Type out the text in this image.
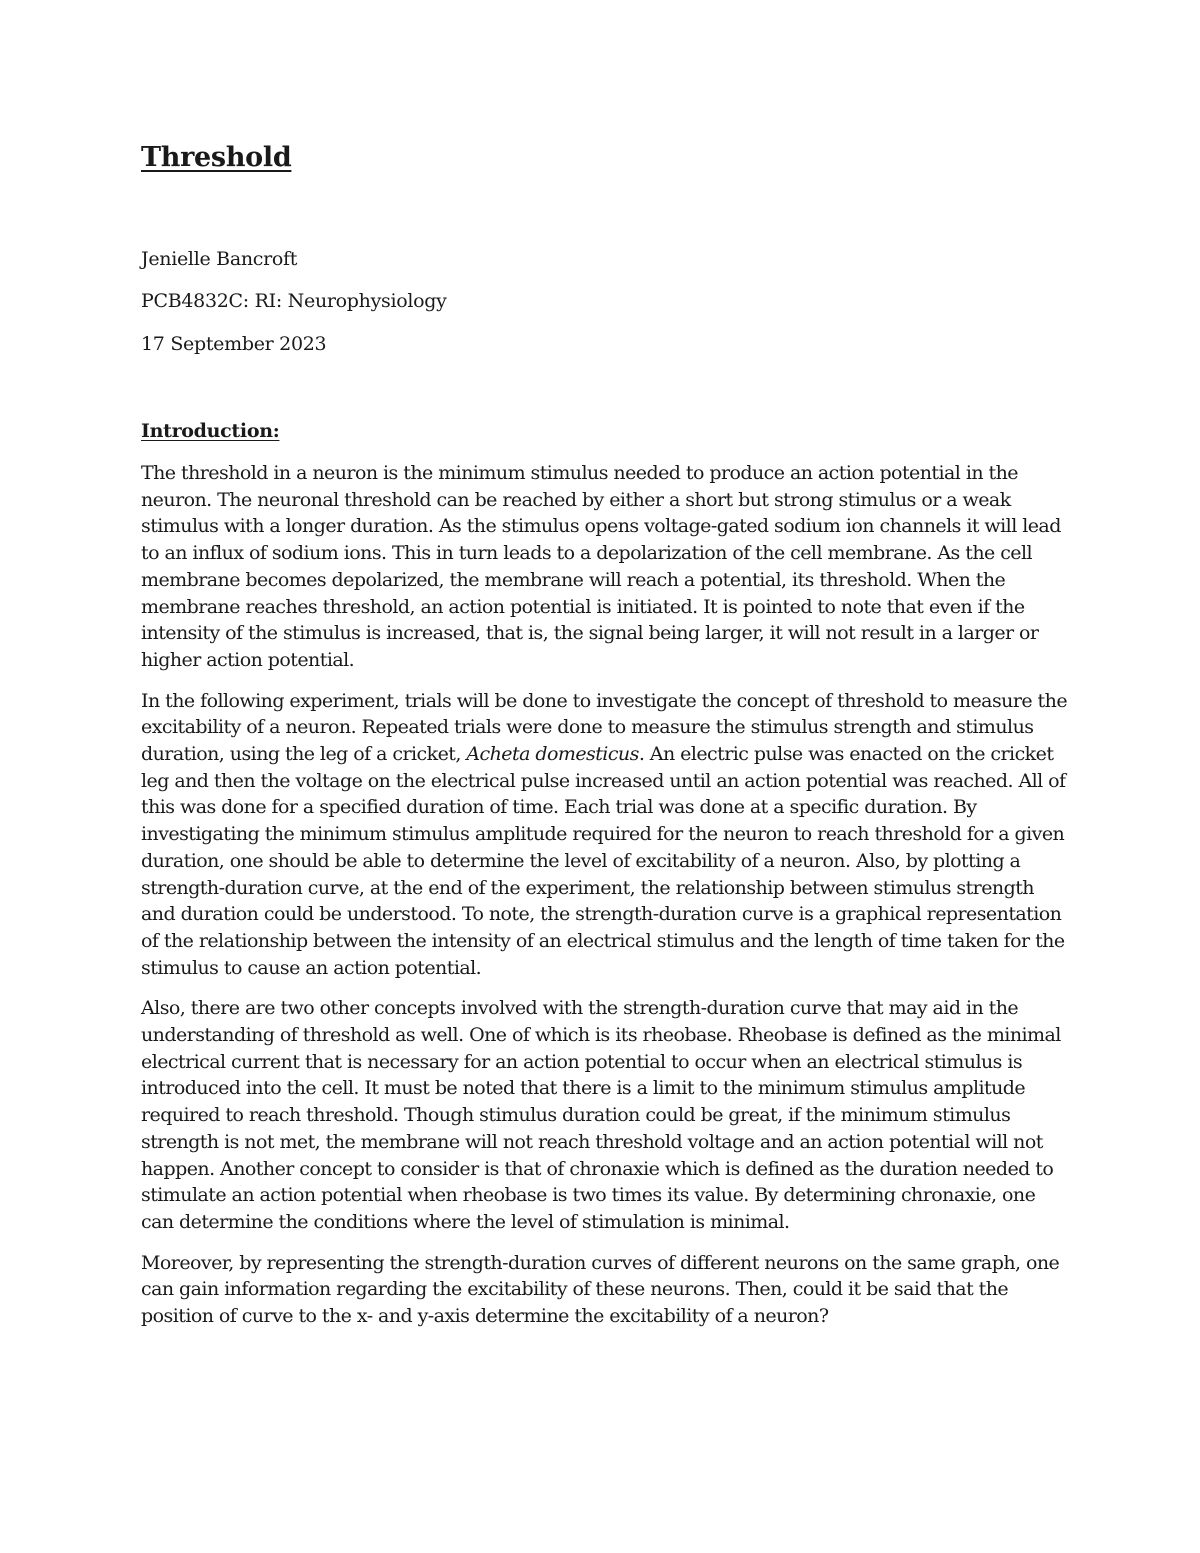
Threshold

Jenielle Bancroft

PCB4832C: RI: Neurophysiology

17 September 2023

Introduction:

The threshold in a neuron is the minimum stimulus needed to produce an action potential in the neuron. The neuronal threshold can be reached by either a short but strong stimulus or a weak stimulus with a longer duration. As the stimulus opens voltage-gated sodium ion channels it will lead to an influx of sodium ions. This in turn leads to a depolarization of the cell membrane. As the cell membrane becomes depolarized, the membrane will reach a potential, its threshold. When the membrane reaches threshold, an action potential is initiated. It is pointed to note that even if the intensity of the stimulus is increased, that is, the signal being larger, it will not result in a larger or higher action potential.

In the following experiment, trials will be done to investigate the concept of threshold to measure the excitability of a neuron. Repeated trials were done to measure the stimulus strength and stimulus duration, using the leg of a cricket, Acheta domesticus. An electric pulse was enacted on the cricket leg and then the voltage on the electrical pulse increased until an action potential was reached. All of this was done for a specified duration of time. Each trial was done at a specific duration. By investigating the minimum stimulus amplitude required for the neuron to reach threshold for a given duration, one should be able to determine the level of excitability of a neuron. Also, by plotting a strength-duration curve, at the end of the experiment, the relationship between stimulus strength and duration could be understood. To note, the strength-duration curve is a graphical representation of the relationship between the intensity of an electrical stimulus and the length of time taken for the stimulus to cause an action potential.

Also, there are two other concepts involved with the strength-duration curve that may aid in the understanding of threshold as well. One of which is its rheobase. Rheobase is defined as the minimal electrical current that is necessary for an action potential to occur when an electrical stimulus is introduced into the cell. It must be noted that there is a limit to the minimum stimulus amplitude required to reach threshold. Though stimulus duration could be great, if the minimum stimulus strength is not met, the membrane will not reach threshold voltage and an action potential will not happen. Another concept to consider is that of chronaxie which is defined as the duration needed to stimulate an action potential when rheobase is two times its value. By determining chronaxie, one can determine the conditions where the level of stimulation is minimal.

Moreover, by representing the strength-duration curves of different neurons on the same graph, one can gain information regarding the excitability of these neurons. Then, could it be said that the position of curve to the x- and y-axis determine the excitability of a neuron?
